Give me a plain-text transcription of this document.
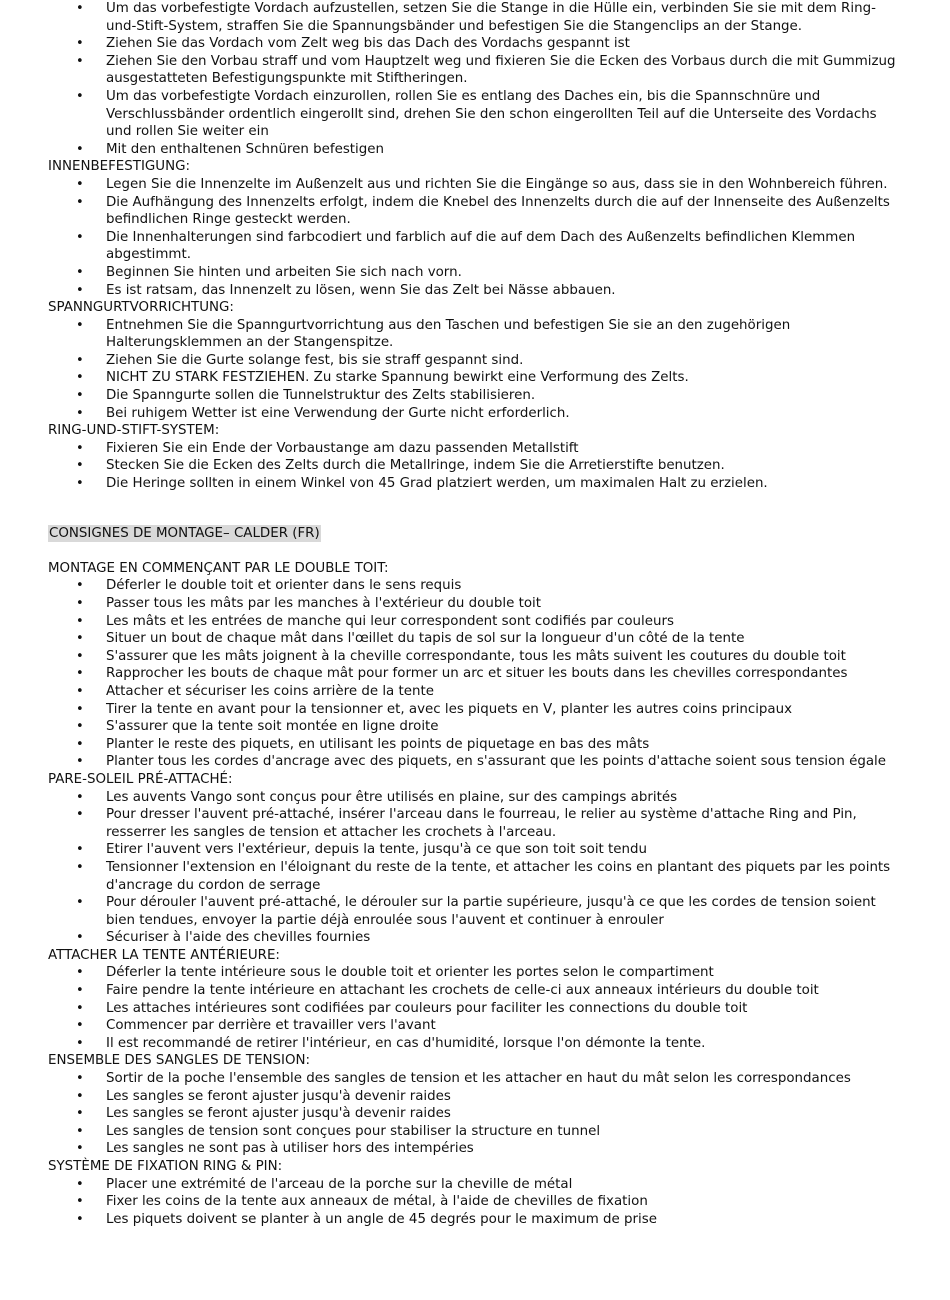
• Um das vorbefestigte Vordach aufzustellen, setzen Sie die Stange in die Hülle ein, verbinden Sie sie mit dem Ring-und-Stift-System, straffen Sie die Spannungsbänder und befestigen Sie die Stangenclips an der Stange.
• Ziehen Sie das Vordach vom Zelt weg bis das Dach des Vordachs gespannt ist
• Ziehen Sie den Vorbau straff und vom Hauptzelt weg und fixieren Sie die Ecken des Vorbaus durch die mit Gummizug ausgestatteten Befestigungspunkte mit Stiftheringen.
• Um das vorbefestigte Vordach einzurollen, rollen Sie es entlang des Daches ein, bis die Spannschnüre und Verschlussbänder ordentlich eingerollt sind, drehen Sie den schon eingerollten Teil auf die Unterseite des Vordachs und rollen Sie weiter ein
• Mit den enthaltenen Schnüren befestigen
INNENBEFESTIGUNG:
• Legen Sie die Innenzelte im Außenzelt aus und richten Sie die Eingänge so aus, dass sie in den Wohnbereich führen.
• Die Aufhängung des Innenzelts erfolgt, indem die Knebel des Innenzelts durch die auf der Innenseite des Außenzelts befindlichen Ringe gesteckt werden.
• Die Innenhalterungen sind farbcodiert und farblich auf die auf dem Dach des Außenzelts befindlichen Klemmen abgestimmt.
• Beginnen Sie hinten und arbeiten Sie sich nach vorn.
• Es ist ratsam, das Innenzelt zu lösen, wenn Sie das Zelt bei Nässe abbauen.
SPANNGURTVORRICHTUNG:
• Entnehmen Sie die Spanngurtvorrichtung aus den Taschen und befestigen Sie sie an den zugehörigen Halterungsklemmen an der Stangenspitze.
• Ziehen Sie die Gurte solange fest, bis sie straff gespannt sind.
• NICHT ZU STARK FESTZIEHEN. Zu starke Spannung bewirkt eine Verformung des Zelts.
• Die Spanngurte sollen die Tunnelstruktur des Zelts stabilisieren.
• Bei ruhigem Wetter ist eine Verwendung der Gurte nicht erforderlich.
RING-UND-STIFT-SYSTEM:
• Fixieren Sie ein Ende der Vorbaustange am dazu passenden Metallstift
• Stecken Sie die Ecken des Zelts durch die Metallringe, indem Sie die Arretierstifte benutzen.
• Die Heringe sollten in einem Winkel von 45 Grad platziert werden, um maximalen Halt zu erzielen.
CONSIGNES DE MONTAGE– CALDER (FR)
MONTAGE EN COMMENÇANT PAR LE DOUBLE TOIT:
• Déferler le double toit et orienter dans le sens requis
• Passer tous les mâts par les manches à l'extérieur du double toit
• Les mâts et les entrées de manche qui leur correspondent sont codifiés par couleurs
• Situer un bout de chaque mât dans l'œillet du tapis de sol sur la longueur d'un côté de la tente
• S'assurer que les mâts joignent à la cheville correspondante, tous les mâts suivent les coutures du double toit
• Rapprocher les bouts de chaque mât pour former un arc et situer les bouts dans les chevilles correspondantes
• Attacher et sécuriser les coins arrière de la tente
• Tirer la tente en avant pour la tensionner et, avec les piquets en V, planter les autres coins principaux
• S'assurer que la tente soit montée en ligne droite
• Planter le reste des piquets, en utilisant les points de piquetage en bas des mâts
• Planter tous les cordes d'ancrage avec des piquets, en s'assurant que les points d'attache soient sous tension égale
PARE-SOLEIL PRÉ-ATTACHÉ:
• Les auvents Vango sont conçus pour être utilisés en plaine, sur des campings abrités
• Pour dresser l'auvent pré-attaché, insérer l'arceau dans le fourreau, le relier au système d'attache Ring and Pin, resserrer les sangles de tension et attacher les crochets à l'arceau.
• Etirer l'auvent vers l'extérieur, depuis la tente, jusqu'à ce que son toit soit tendu
• Tensionner l'extension en l'éloignant du reste de la tente, et attacher les coins en plantant des piquets par les points d'ancrage du cordon de serrage
• Pour dérouler l'auvent pré-attaché, le dérouler sur la partie supérieure, jusqu'à ce que les cordes de tension soient bien tendues, envoyer la partie déjà enroulée sous l'auvent et continuer à enrouler
• Sécuriser à l'aide des chevilles fournies
ATTACHER LA TENTE ANTÉRIEURE:
• Déferler la tente intérieure sous le double toit et orienter les portes selon le compartiment
• Faire pendre la tente intérieure en attachant les crochets de celle-ci aux anneaux intérieurs du double toit
• Les attaches intérieures sont codifiées par couleurs pour faciliter les connections du double toit
• Commencer par derrière et travailler vers l'avant
• Il est recommandé de retirer l'intérieur, en cas d'humidité, lorsque l'on démonte la tente.
ENSEMBLE DES SANGLES DE TENSION:
• Sortir de la poche l'ensemble des sangles de tension et les attacher en haut du mât selon les correspondances
• Les sangles se feront ajuster jusqu'à devenir raides
• Les sangles se feront ajuster jusqu'à devenir raides
• Les sangles de tension sont conçues pour stabiliser la structure en tunnel
• Les sangles ne sont pas à utiliser hors des intempéries
SYSTÈME DE FIXATION RING & PIN:
• Placer une extrémité de l'arceau de la porche sur la cheville de métal
• Fixer les coins de la tente aux anneaux de métal, à l'aide de chevilles de fixation
• Les piquets doivent se planter à un angle de 45 degrés pour le maximum de prise
